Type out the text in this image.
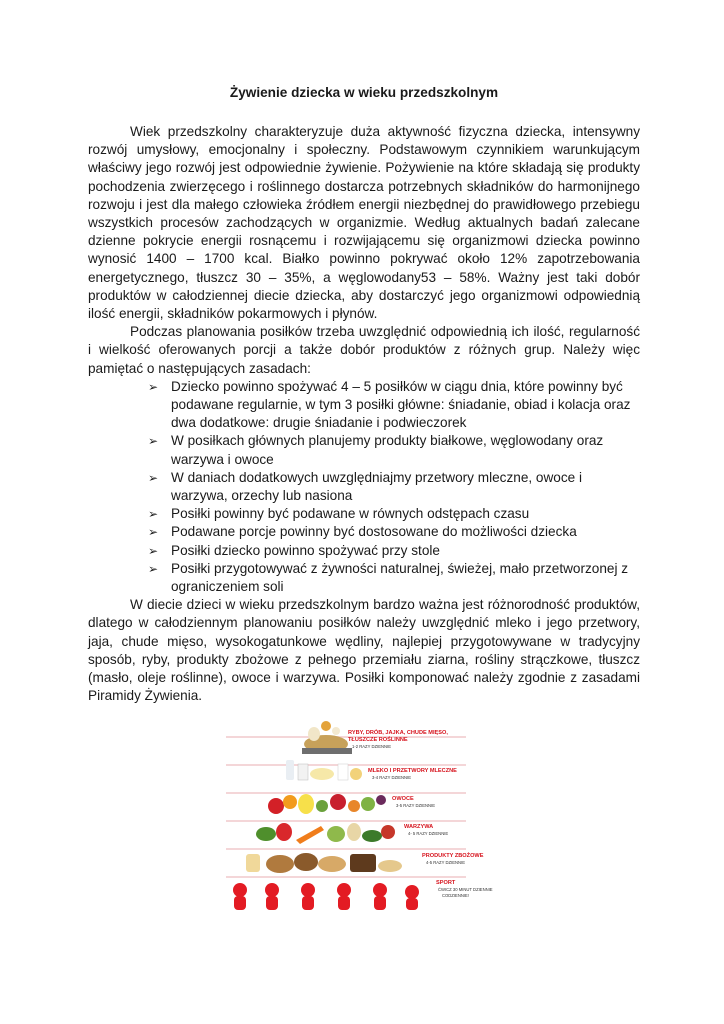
Żywienie dziecka w wieku przedszkolnym

Wiek przedszkolny charakteryzuje duża aktywność fizyczna dziecka, intensywny rozwój umysłowy, emocjonalny i społeczny. Podstawowym czynnikiem warunkującym właściwy jego rozwój jest odpowiednie żywienie. Pożywienie na które składają się produkty pochodzenia zwierzęcego i roślinnego dostarcza potrzebnych składników do harmonijnego rozwoju i jest dla małego człowieka źródłem energii niezbędnej do prawidłowego przebiegu wszystkich procesów zachodzących w organizmie. Według aktualnych badań zalecane dzienne pokrycie energii rosnącemu i rozwijającemu się organizmowi dziecka powinno wynosić 1400 – 1700 kcal. Białko powinno pokrywać około 12% zapotrzebowania energetycznego, tłuszcz 30 – 35%, a węglowodany53 – 58%. Ważny jest taki dobór produktów w całodziennej diecie dziecka, aby dostarczyć jego organizmowi odpowiednią ilość energii, składników pokarmowych i płynów.

Podczas planowania posiłków trzeba uwzględnić odpowiednią ich ilość, regularność i wielkość oferowanych porcji a także dobór produktów z różnych grup. Należy więc pamiętać o następujących zasadach:

➢ Dziecko powinno spożywać 4 – 5 posiłków w ciągu dnia, które powinny być podawane regularnie, w tym 3 posiłki główne: śniadanie, obiad i kolacja oraz dwa dodatkowe: drugie śniadanie i podwieczorek
➢ W posiłkach głównych planujemy produkty białkowe, węglowodany oraz warzywa i owoce
➢ W daniach dodatkowych uwzględniajmy przetwory mleczne, owoce i warzywa, orzechy lub nasiona
➢ Posiłki powinny być podawane w równych odstępach czasu
➢ Podawane porcje powinny być dostosowane do możliwości dziecka
➢ Posiłki dziecko powinno spożywać przy stole
➢ Posiłki przygotowywać z żywności naturalnej, świeżej, mało przetworzonej z ograniczeniem soli

W diecie dzieci w wieku przedszkolnym bardzo ważna jest różnorodność produktów, dlatego w całodziennym planowaniu posiłków należy uwzględnić mleko i jego przetwory, jaja, chude mięso, wysokogatunkowe wędliny, najlepiej przygotowywane w tradycyjny sposób, ryby, produkty zbożowe z pełnego przemiału ziarna, rośliny strączkowe, tłuszcz (masło, oleje roślinne), owoce i warzywa. Posiłki komponować należy zgodnie z zasadami Piramidy Żywienia.

RYBY, DRÓB, JAJKA, CHUDE MIĘSO,
TŁUSZCZE ROŚLINNE
1-2 RAZY DZIENNIE
MLEKO I PRZETWORY MLECZNE
3-4 RAZY DZIENNIE
OWOCE
3-5 RAZY DZIENNIE
WARZYWA
4- 5 RAZY DZIENNIE
PRODUKTY ZBOŻOWE
4-5 RAZY DZIENNIE
SPORT
ĆWICZ 30 MINUT DZIENNIE
CODZIENNIE!
